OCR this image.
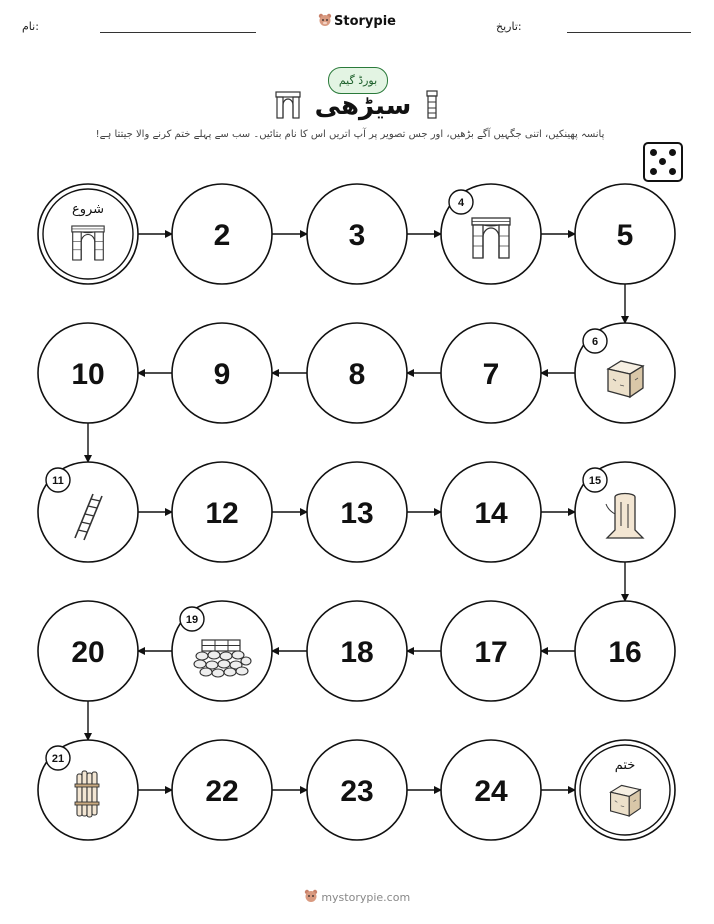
نام:	Storypie	تاریخ:
بورڈ گیم
سیڑھی
پانسہ پھینکیں، اتنی جگہیں آگے بڑھیں، اور جس تصویر پر آپ اتریں اس کا نام بتائیں۔ سب سے پہلے ختم کرنے والا جیتتا ہے!
شروع
2	3
4
5
6
7
8
9
10
11
12	13	14
15
16
17
18
19
20
21
22	23	24
ختم
mystorypie.com
